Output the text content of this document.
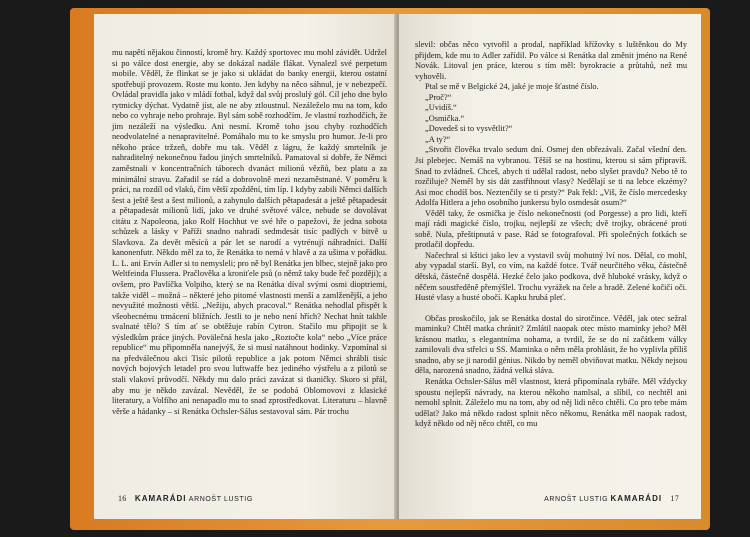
mu napětí nějakou činností, kromě hry. Každý sportovec mu mohl závidět. Udržel si po válce dost energie, aby se dokázal nadále flákat. Vynalezl své perpetum mobile. Věděl, že flinkat se je jako si ukládat do banky energii, kterou ostatní spotřebují provozem. Roste mu konto. Jen kdyby na něco sáhnul, je v nebezpečí. Ovládal pravidla jako v mládí fotbal, když dal svůj proslulý gól. Cíl jeho dne bylo rytmicky dýchat. Vydatně jíst, ale ne aby ztloustnul. Nezáleželo mu na tom, kdo nebo co vyhraje nebo prohraje. Byl sám sobě rozhodčím. Je vlastní rozhodčích, že jim nezáleží na výsledku. Ani nesmí. Kromě toho jsou chyby rozhodčích neodvolatelné a nenapravitelné. Pomáhalo mu to ke smyslu pro humor. Je-li pro někoho práce tržzeň, dobře mu tak. Věděl z lágru, že každý smrtelník je nahraditelný nekonečnou řadou jiných smrtelníků. Pamatoval si dobře, že Němci zaměstnali v koncentračních táborech dvanáct milionů vězňů, bez platu a za minimální stravu. Zařadil se rád a dobrovolně mezi nezaměstnané. V poměru k práci, na rozdíl od vlaků, čím větší zpoždění, tím líp. I kdyby zabili Němci dalších šest a ještě šest a šest milionů, a zahynulo dalších pětapadesát a ještě pětapadesát a pětapadesát milionů lidí, jako ve druhé světové válce, nebude se dovolávat citátu z Napoleona, jako Rolf Hochhut ve své hře o papežovi, že jedna sobota schůzek a lásky v Paříži snadno nahradí sedmdesát tisíc padlých v bitvě u Slavkova. Za devět měsíců a pár let se narodí a vytrénují náhradníci. Další kanonenfutr. Někdo měl za to, že Renátka to nemá v hlavě a za ušima v pořádku. L. L. ani Ervín Adler si to nemysleli; pro ně byl Renátka jen blbec, stejně jako pro Weltfeinda Flussera. Pračlověka a kroniťele psů (o němž taky bude řeč později); a ovšem, pro Pavlíčka Volpiho, který se na Renátka díval svými osmi dioptriemi, takže viděl – možná – některé jeho pitomé vlastnosti menší a zamlženější, a jeho nevyužité možnosti větší. „Nežiju, abych pracoval.“ Renátka nehodlal přispět k všeobecnému trmácení bližních. Jestli to je nebo není hřích? Nechat hnít takhle svalnaté tělo? S tím ať se obtěžuje rabín Cytron. Stačilo mu připojit se k výsledkům práce jiných. Povälečná hesla jako „Roztočte kola“ nebo „Více práce republice“ mu připomněla nanejvýš, že si musí natáhnout hodinky. Vzpomínal si na předválečnou akci Tisíc pilotů republice a jak potom Němci shrábli tisíc nových bojových letadel pro svou luftwaffe bez jediného výstřelu a z pilotů se stali vlakoví průvodčí. Někdy mu dalo práci zavázat si tkaničky. Skoro si přál, aby mu je někdo zavázal. Nevěděl, že se podobá Oblomovovi z klasické literatury, a Volfího ani nenapadlo mu to snad zprostředkovat. Literaturu – hlavně věrše a hádanky – si Renátka Ochsler-Sálus sestavoval sám. Pár trochu

16 KAMARÁDI ARNOŠT LUSTIG

slevil: občas něco vytvořil a prodal, například křížovky s luštěnkou do My přijdem, kde mu to Adler zařídil. Po válce si Renátka dal změnit jméno na René Novák. Litoval jen práce, kterou s tím měl: byrokracie a průtahů, než mu vyhověli.

Ptal se mě v Belgické 24, jaké je moje šťastné číslo.

„Proč?“

„Uvidíš.“

„Osmička.“

„Dovedeš si to vysvětlit?“

„A ty?“

„Stvořit člověka trvalo sedum dní. Osmej den obřezávali. Začal všední den. Jsi plebejec. Nemáš na vybranou. Těšíš se na hostinu, kterou si sám připravíš. Snad to zvládneš. Chceš, abych ti udělal radost, nebo slyšet pravdu? Nebo tě to rozčiluje? Neměl by sis dát zastřihnout vlasy? Nedělají se ti na lebce ekzémy? Asi moc chodíš bos. Neztenčily se ti prsty?“ Pak řekl: „Viš, že číslo mercedesky Adolfa Hitlera a jeho osobního junkersu bylo osmdesát osum?“

Věděl taky, že osmička je číslo nekonečnosti (od Porgesse) a pro lidi, kteří mají rádi magické číslo, trojku, nejlepší ze všech; dvě trojky, obrácené proti sobě. Nula, přeštipnutá v pase. Rád se fotografoval. Při společných fotkách se protlačil dopředu.

Načechral si kštici jako lev a vystavil svůj mohutný lví nos. Dělal, co mohl, aby vypadal starší. Byl, co vím, na každé fotce. Tvář neurčitého věku, částečně dětská, částečně dospělá. Hezké čelo jako podkova, dvě hluboké vrásky, když o něčem soustředěně přemýšlel. Trochu vyrážek na čele a bradě. Zelené kočičí oči. Husté vlasy a husté obočí. Kapku hrubá pleť.

Občas proskočilo, jak se Renátka dostal do sirotčince. Věděl, jak otec sežral maminku? Chtěl matka chránit? Zmlátil naopak otec místo maminky jeho? Měl krásnou matku, s elegantníma nohama, a tvrdil, že se do ní začátkem války zamilovali dva střelci u SS. Maminka o něm měla prohlásit, že ho vyplivla příliš snadno, aby se ji narodil génius. Nikdo by neměl obviňovat matku. Někdy nejsou děla, narozená snadno, žádná velká sláva.

Renátka Ochsler-Sálus měl vlastnost, která připomínala rybáře. Měl vždycky spoustu nejlepší návrady, na kterou někoho namlsal, a slíbil, co nechtěl ani nemohl splnit. Záleželo mu na tom, aby od něj lidi něco chtěli. Co pro tebe mám udělat? Jako má někdo radost splnit něco někomu, Renátka měl naopak radost, když někdo od něj něco chtěl, co mu

ARNOŠT LUSTIG KAMARÁDI 17
